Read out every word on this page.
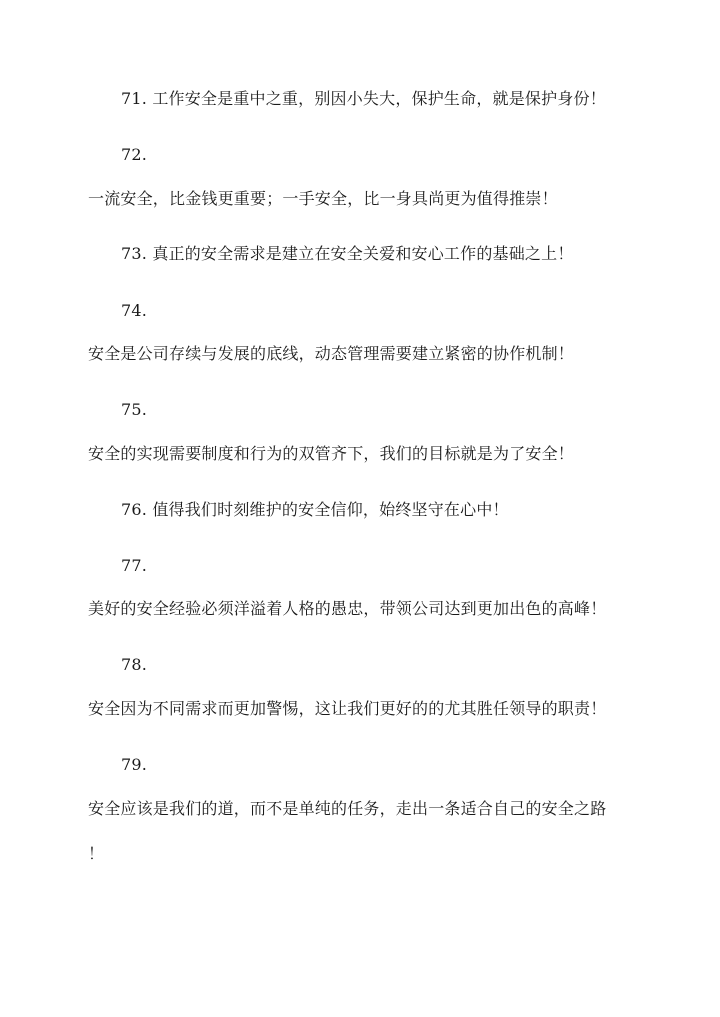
71. 工作安全是重中之重，别因小失大，保护生命，就是保护身份！
72.
一流安全，比金钱更重要；一手安全，比一身具尚更为值得推崇！
73. 真正的安全需求是建立在安全关爱和安心工作的基础之上！
74.
安全是公司存续与发展的底线，动态管理需要建立紧密的协作机制！
75.
安全的实现需要制度和行为的双管齐下，我们的目标就是为了安全！
76. 值得我们时刻维护的安全信仰，始终坚守在心中！
77.
美好的安全经验必须洋溢着人格的愚忠，带领公司达到更加出色的高峰！
78.
安全因为不同需求而更加警惕，这让我们更好的的尤其胜任领导的职责！
79.
安全应该是我们的道，而不是单纯的任务，走出一条适合自己的安全之路
！
